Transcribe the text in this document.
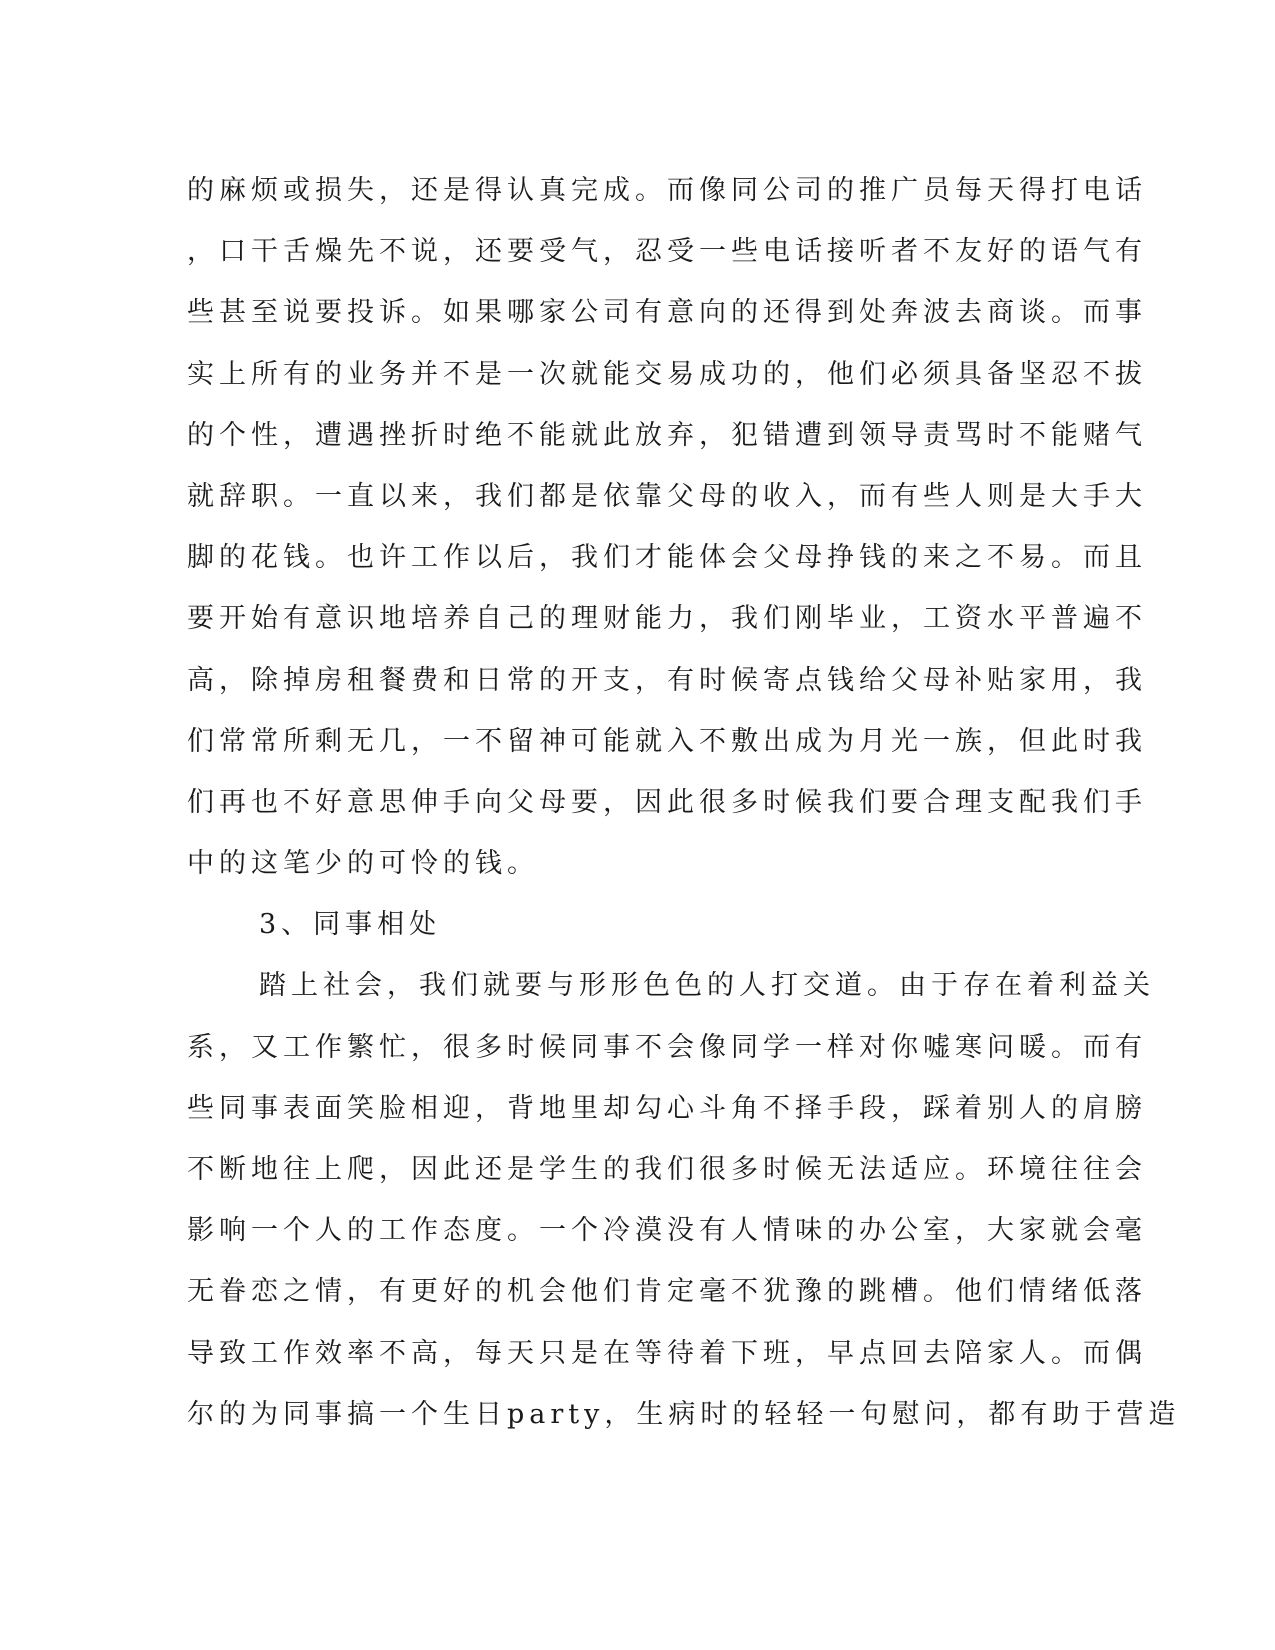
的麻烦或损失，还是得认真完成。而像同公司的推广员每天得打电话
，口干舌燥先不说，还要受气，忍受一些电话接听者不友好的语气有
些甚至说要投诉。如果哪家公司有意向的还得到处奔波去商谈。而事
实上所有的业务并不是一次就能交易成功的，他们必须具备坚忍不拔
的个性，遭遇挫折时绝不能就此放弃，犯错遭到领导责骂时不能赌气
就辞职。一直以来，我们都是依靠父母的收入，而有些人则是大手大
脚的花钱。也许工作以后，我们才能体会父母挣钱的来之不易。而且
要开始有意识地培养自己的理财能力，我们刚毕业，工资水平普遍不
高，除掉房租餐费和日常的开支，有时候寄点钱给父母补贴家用，我
们常常所剩无几，一不留神可能就入不敷出成为月光一族，但此时我
们再也不好意思伸手向父母要，因此很多时候我们要合理支配我们手
中的这笔少的可怜的钱。
3、同事相处
踏上社会，我们就要与形形色色的人打交道。由于存在着利益关
系，又工作繁忙，很多时候同事不会像同学一样对你嘘寒问暖。而有
些同事表面笑脸相迎，背地里却勾心斗角不择手段，踩着别人的肩膀
不断地往上爬，因此还是学生的我们很多时候无法适应。环境往往会
影响一个人的工作态度。一个冷漠没有人情味的办公室，大家就会毫
无眷恋之情，有更好的机会他们肯定毫不犹豫的跳槽。他们情绪低落
导致工作效率不高，每天只是在等待着下班，早点回去陪家人。而偶
尔的为同事搞一个生日party，生病时的轻轻一句慰问，都有助于营造
